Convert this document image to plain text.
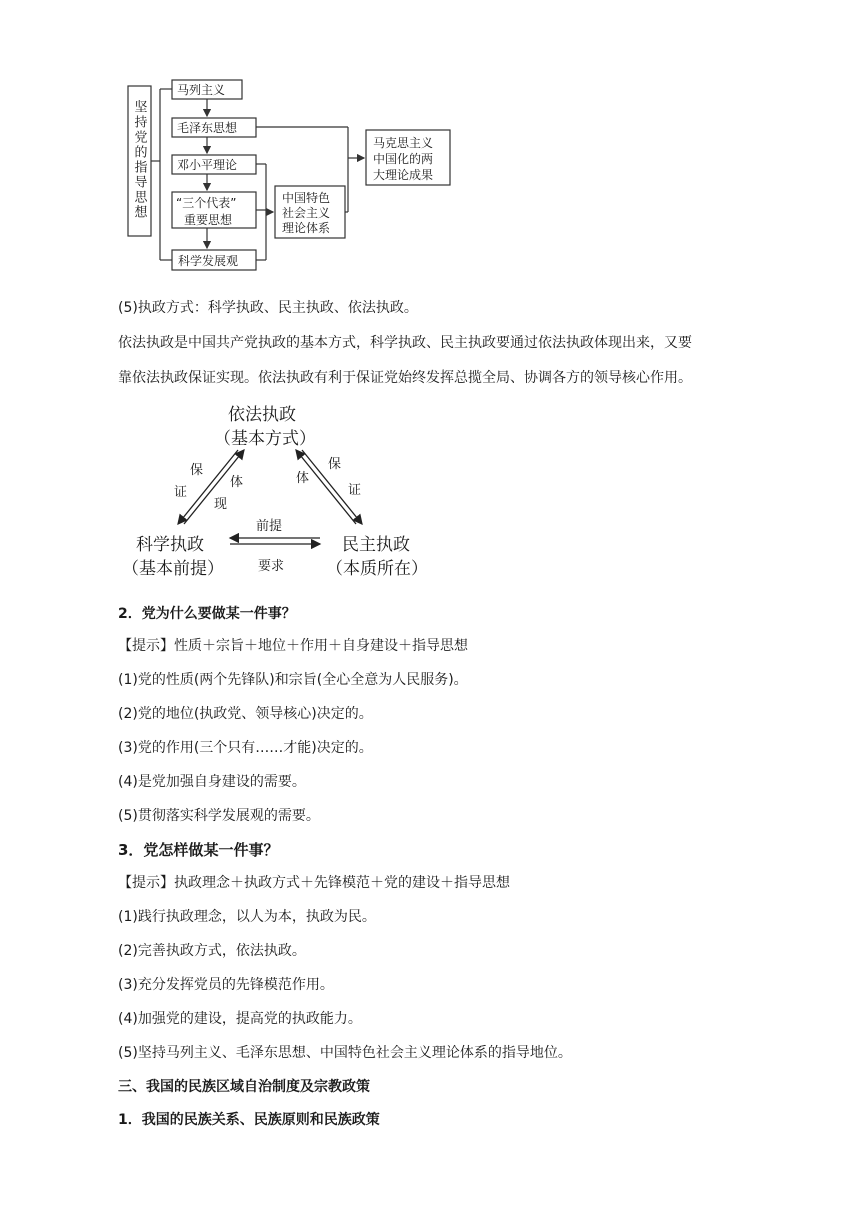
坚持党的指导思想
马列主义
毛泽东思想
邓小平理论
“三个代表”
重要思想
科学发展观
中国特色
社会主义
理论体系
马克思主义
中国化的两
大理论成果
(5)执政方式：科学执政、民主执政、依法执政。
依法执政是中国共产党执政的基本方式，科学执政、民主执政要通过依法执政体现出来，又要
靠依法执政保证实现。依法执政有利于保证党始终发挥总揽全局、协调各方的领导核心作用。
依法执政
（基本方式）
科学执政
（基本前提）
民主执政
（本质所在）
保
证
体
现
体
保
证
前提
要求
2．党为什么要做某一件事？
【提示】性质＋宗旨＋地位＋作用＋自身建设＋指导思想
(1)党的性质(两个先锋队)和宗旨(全心全意为人民服务)。
(2)党的地位(执政党、领导核心)决定的。
(3)党的作用(三个只有……才能)决定的。
(4)是党加强自身建设的需要。
(5)贯彻落实科学发展观的需要。
3．党怎样做某一件事？
【提示】执政理念＋执政方式＋先锋模范＋党的建设＋指导思想
(1)践行执政理念，以人为本，执政为民。
(2)完善执政方式，依法执政。
(3)充分发挥党员的先锋模范作用。
(4)加强党的建设，提高党的执政能力。
(5)坚持马列主义、毛泽东思想、中国特色社会主义理论体系的指导地位。
三、我国的民族区域自治制度及宗教政策
1．我国的民族关系、民族原则和民族政策
